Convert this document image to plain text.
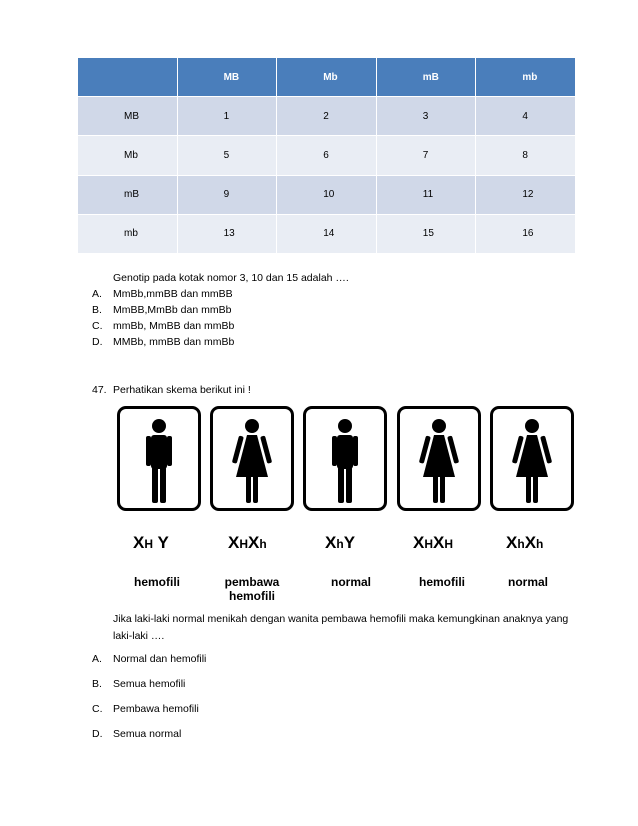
	MB	Mb	mB	mb
MB	1	2	3	4
Mb	5	6	7	8
mB	9	10	11	12
mb	13	14	15	16
Genotip pada kotak nomor 3, 10 dan 15 adalah ….
A.	MmBb,mmBB dan mmBB
B.	MmBB,MmBb dan mmBb
C.	mmBb, MmBB dan mmBb
D.	MMBb, mmBB dan mmBb
47. Perhatikan skema berikut ini !
XH Y	XHXh	XhY	XHXH	XhXh
hemofili	pembawa hemofili
normal	hemofili	normal
Jika laki-laki normal menikah dengan wanita pembawa hemofili maka kemungkinan anaknya yang
laki-laki ….
A.	Normal dan hemofili
B.	Semua hemofili
C.	Pembawa hemofili
D.	Semua normal
